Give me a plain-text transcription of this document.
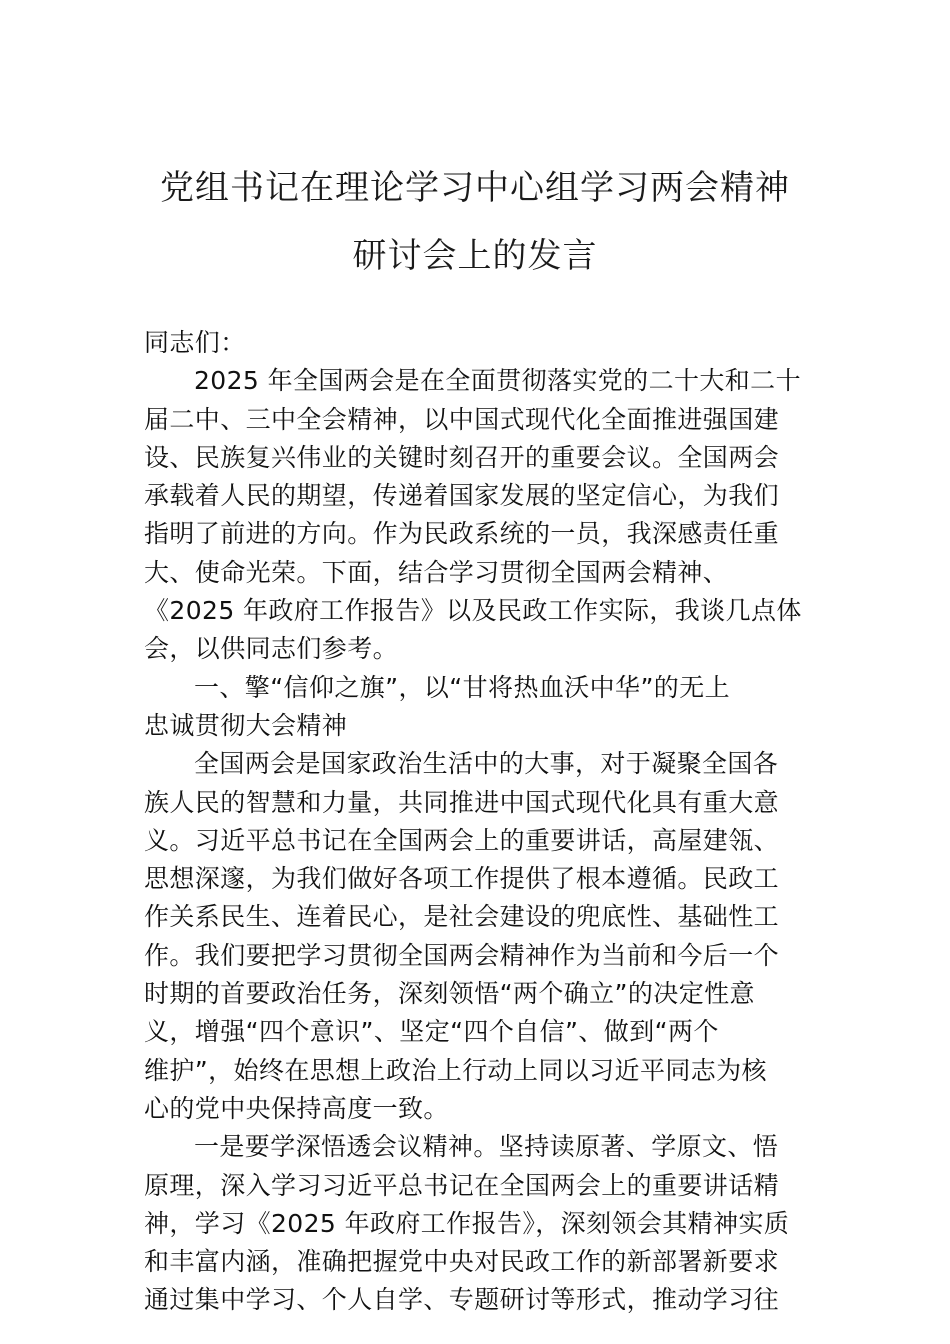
党组书记在理论学习中心组学习两会精神
研讨会上的发言
同志们：
2025 年全国两会是在全面贯彻落实党的二十大和二十
届二中、三中全会精神，以中国式现代化全面推进强国建
设、民族复兴伟业的关键时刻召开的重要会议。全国两会
承载着人民的期望，传递着国家发展的坚定信心，为我们
指明了前进的方向。作为民政系统的一员，我深感责任重
大、使命光荣。下面，结合学习贯彻全国两会精神、
《2025 年政府工作报告》以及民政工作实际，我谈几点体
会，以供同志们参考。
一、擎“信仰之旗”，以“甘将热血沃中华”的无上
忠诚贯彻大会精神
全国两会是国家政治生活中的大事，对于凝聚全国各
族人民的智慧和力量，共同推进中国式现代化具有重大意
义。习近平总书记在全国两会上的重要讲话，高屋建瓴、
思想深邃，为我们做好各项工作提供了根本遵循。民政工
作关系民生、连着民心，是社会建设的兜底性、基础性工
作。我们要把学习贯彻全国两会精神作为当前和今后一个
时期的首要政治任务，深刻领悟“两个确立”的决定性意
义，增强“四个意识”、坚定“四个自信”、做到“两个
维护”，始终在思想上政治上行动上同以习近平同志为核
心的党中央保持高度一致。
一是要学深悟透会议精神。坚持读原著、学原文、悟
原理，深入学习习近平总书记在全国两会上的重要讲话精
神，学习《2025 年政府工作报告》，深刻领会其精神实质
和丰富内涵，准确把握党中央对民政工作的新部署新要求
通过集中学习、个人自学、专题研讨等形式，推动学习往
